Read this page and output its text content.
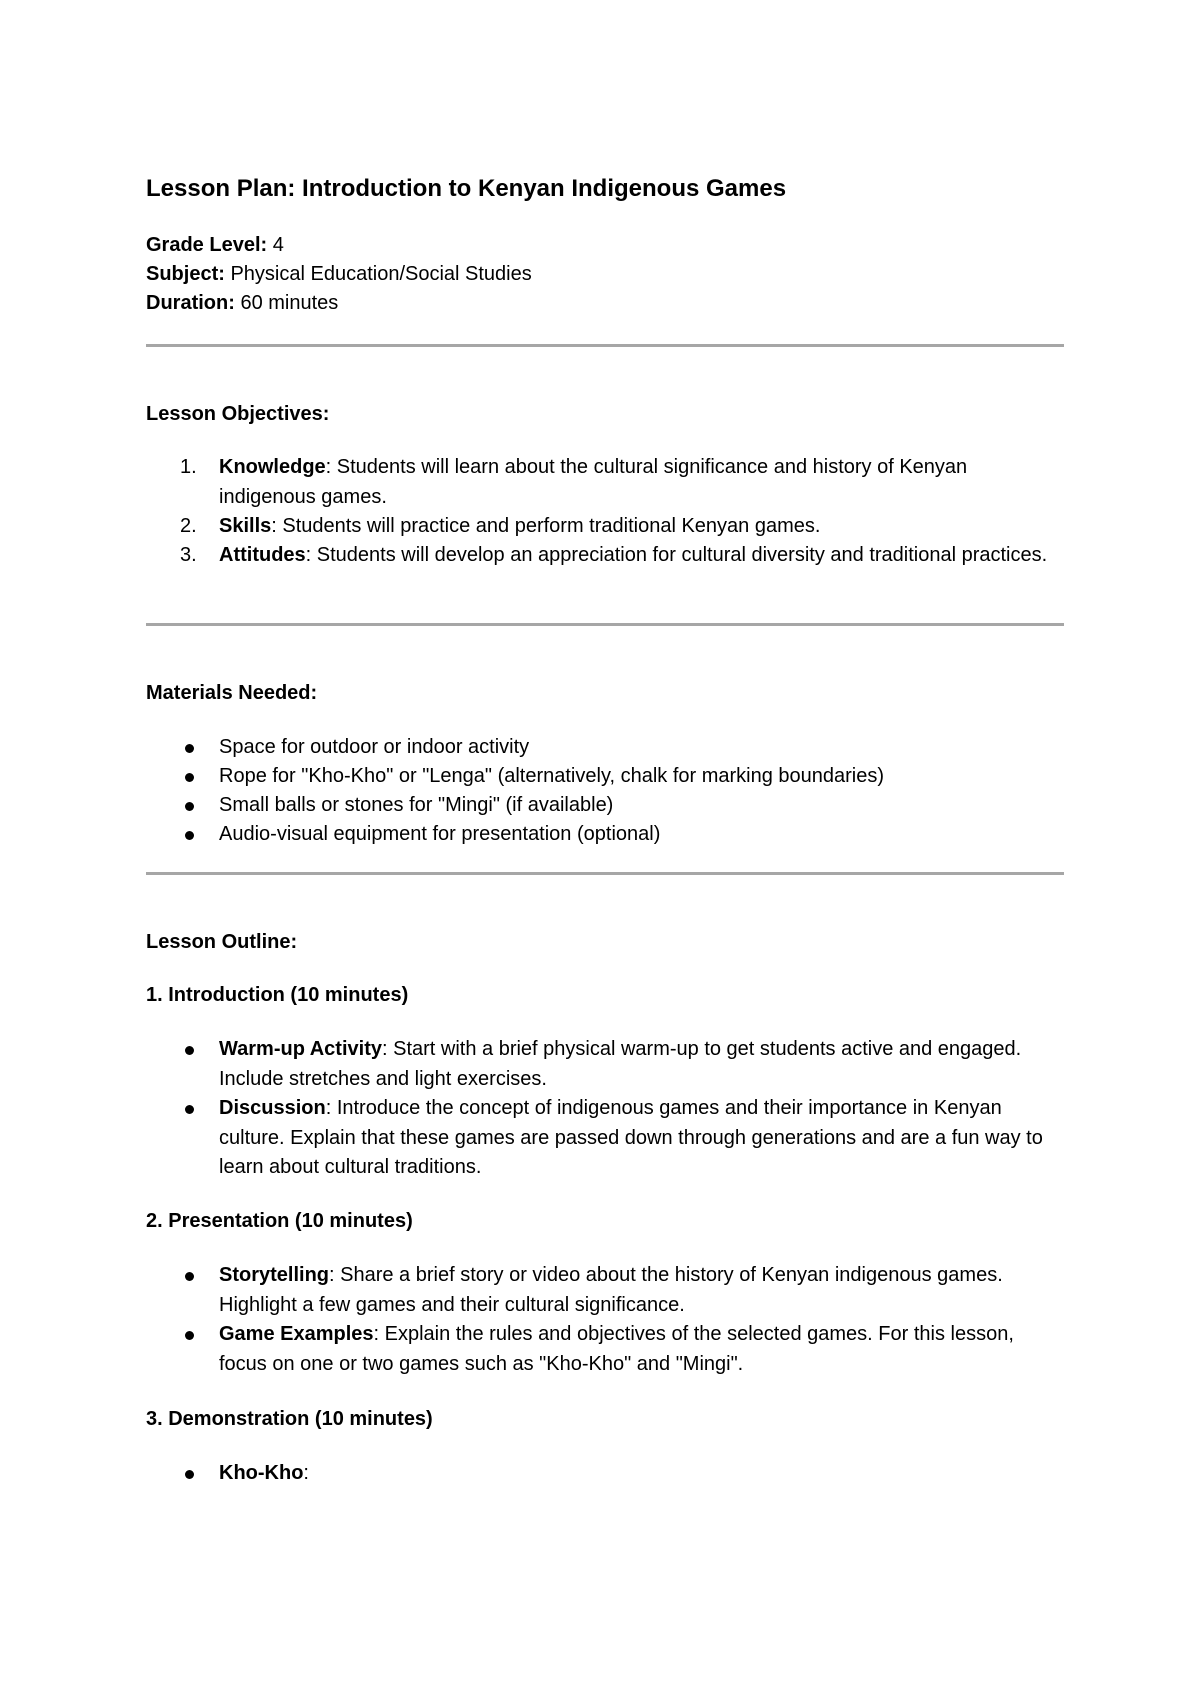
Lesson Plan: Introduction to Kenyan Indigenous Games
Grade Level: 4
Subject: Physical Education/Social Studies
Duration: 60 minutes
Lesson Objectives:
1.	Knowledge: Students will learn about the cultural significance and history of Kenyan indigenous games.
2.	Skills: Students will practice and perform traditional Kenyan games.
3.	Attitudes: Students will develop an appreciation for cultural diversity and traditional practices.
Materials Needed:
Space for outdoor or indoor activity
Rope for "Kho-Kho" or "Lenga" (alternatively, chalk for marking boundaries)
Small balls or stones for "Mingi" (if available)
Audio-visual equipment for presentation (optional)
Lesson Outline:
1. Introduction (10 minutes)
Warm-up Activity: Start with a brief physical warm-up to get students active and engaged. Include stretches and light exercises.
Discussion: Introduce the concept of indigenous games and their importance in Kenyan culture. Explain that these games are passed down through generations and are a fun way to learn about cultural traditions.
2. Presentation (10 minutes)
Storytelling: Share a brief story or video about the history of Kenyan indigenous games. Highlight a few games and their cultural significance.
Game Examples: Explain the rules and objectives of the selected games. For this lesson, focus on one or two games such as "Kho-Kho" and "Mingi".
3. Demonstration (10 minutes)
Kho-Kho:
